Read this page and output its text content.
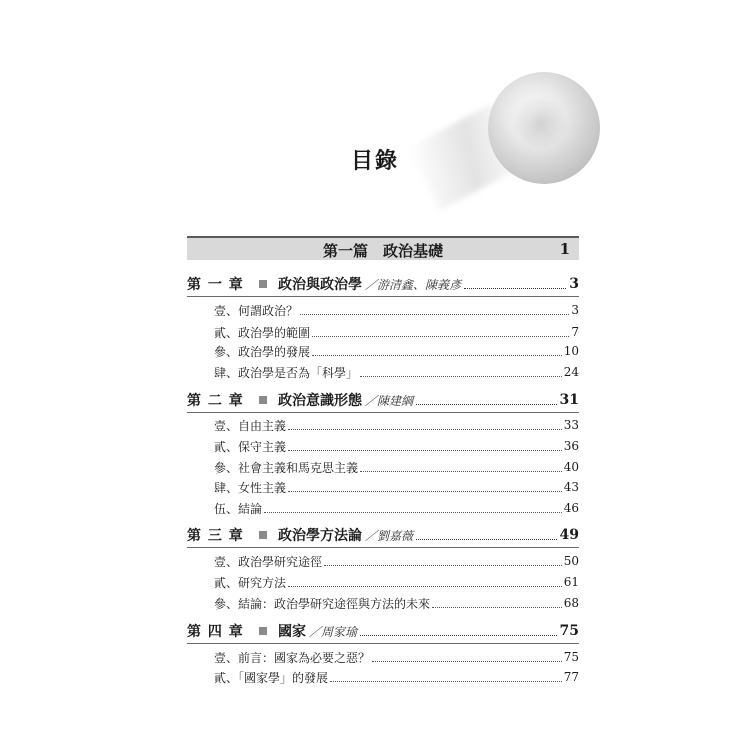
目錄
第一篇　政治基礎	1
第 一 章	政治與政治學 ／游清鑫、陳義彥	3
壹、何謂政治？	3
貳、政治學的範圍	7
參、政治學的發展	10
肆、政治學是否為「科學」	24
第 二 章	政治意識形態 ／陳建綱	31
壹、自由主義	33
貳、保守主義	36
參、社會主義和馬克思主義	40
肆、女性主義	43
伍、結論	46
第 三 章	政治學方法論 ／劉嘉薇	49
壹、政治學研究途徑	50
貳、研究方法	61
參、結論：政治學研究途徑與方法的未來	68
第 四 章	國家 ／周家瑜	75
壹、前言：國家為必要之惡？	75
貳、「國家學」的發展	77
